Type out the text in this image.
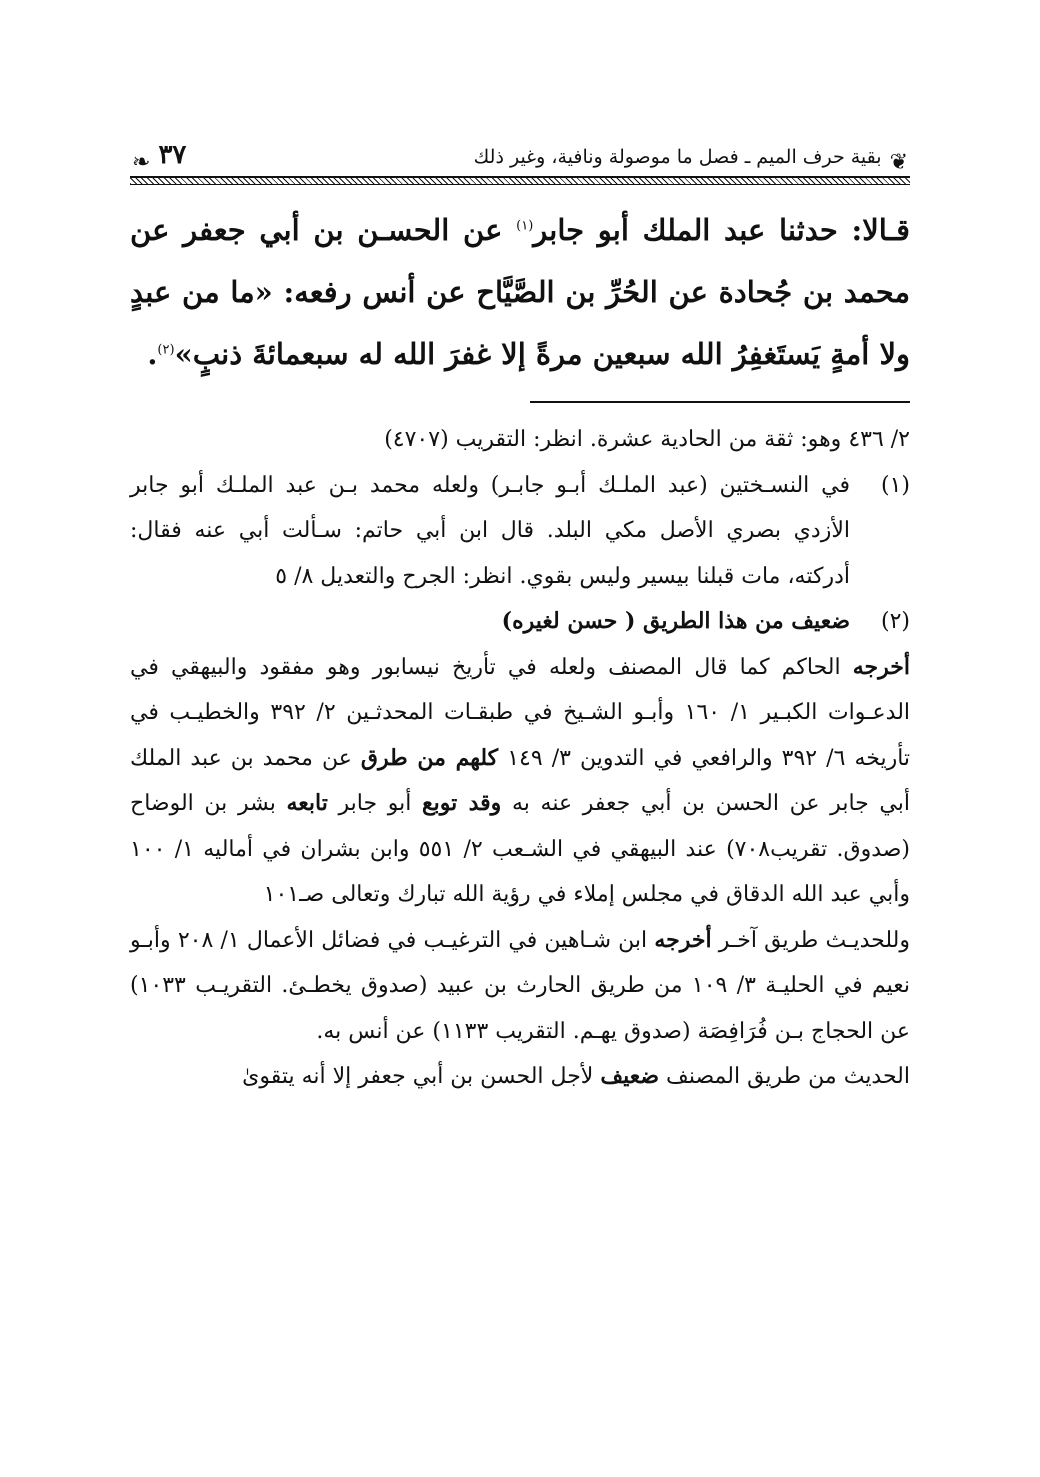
❦
بقية حرف الميم ـ فصل ما موصولة ونافية، وغير ذلك
٣٧
❧
قـالا: حدثنا عبد الملك أبو جابر$^{(١)}$ عن الحسـن بن أبي جعفر عن محمد بن جُحادة عن الحُرِّ بن الصَّيَّاح عن أنس رفعه: «ما من عبدٍ ولا أمةٍ يَستَغفِرُ الله سبعين مرةً إلا غفرَ الله له سبعمائةَ ذنبٍ»$^{(٢)}$.

٢/ ٤٣٦ وهو: ثقة من الحادية عشرة. انظر: التقريب (٤٧٠٧)

(١)
في النسـختين (عبد الملـك أبـو جابـر) ولعله محمد بـن عبد الملـك أبو جابر الأزدي بصري الأصل مكي البلد. قال ابن أبي حاتم: سـألت أبي عنه فقال: أدركته، مات قبلنا بيسير وليس بقوي. انظر: الجرح والتعديل ٨/ ٥
(٢)
ضعيف من هذا الطريق ( حسن لغيره)

أخرجه الحاكم كما قال المصنف ولعله في تأريخ نيسابور وهو مفقود والبيهقي في الدعـوات الكبـير ١/ ١٦٠ وأبـو الشـيخ في طبقـات المحدثـين ٢/ ٣٩٢ والخطيـب في تأريخه ٦/ ٣٩٢ والرافعي في التدوين ٣/ ١٤٩ كلهم من طرق عن محمد بن عبد الملك أبي جابر عن الحسن بن أبي جعفر عنه به وقد توبع أبو جابر تابعه بشر بن الوضاح (صدوق. تقريب٧٠٨) عند البيهقي في الشـعب ٢/ ٥٥١ وابن بشران في أماليه ١/ ١٠٠ وأبي عبد الله الدقاق في مجلس إملاء في رؤية الله تبارك وتعالى صـ١٠١

وللحديـث طريق آخـر أخرجه ابن شـاهين في الترغيـب في فضائل الأعمال ١/ ٢٠٨ وأبـو نعيم في الحليـة ٣/ ١٠٩ من طريق الحارث بن عبيد (صدوق يخطـئ. التقريـب ١٠٣٣) عن الحجاج بـن فُرَافِصَة (صدوق يهـم. التقريب ١١٣٣) عن أنس به.

الحديث من طريق المصنف ضعيف لأجل الحسن بن أبي جعفر إلا أنه يتقوىٰ
